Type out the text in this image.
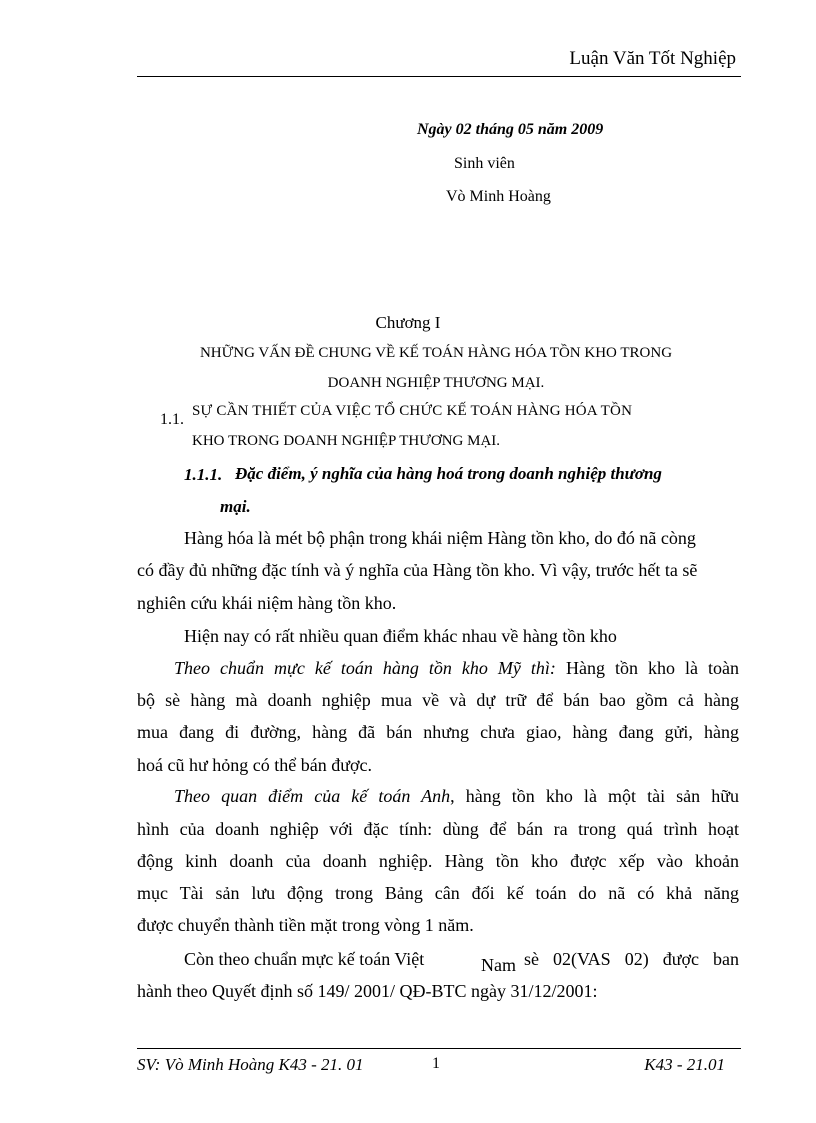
Luận Văn Tốt Nghiệp
Ngày 02 tháng 05 năm 2009
Sinh viên
Vò Minh Hoàng
Chương I
NHỮNG VẤN ĐỀ CHUNG VỀ KẾ TOÁN HÀNG HÓA TỒN KHO TRONG
DOANH NGHIỆP THƯƠNG MẠI.
1.1. SỰ CẦN THIẾT CỦA VIỆC TỔ CHỨC KẾ TOÁN HÀNG HÓA TỒN
KHO TRONG DOANH NGHIỆP THƯƠNG MẠI.
1.1.1. Đặc điểm, ý nghĩa của hàng hoá trong doanh nghiệp thương
mại.
Hàng hóa là mét bộ phận trong khái niệm Hàng tồn kho, do đó nã còng
có đầy đủ những đặc tính và ý nghĩa của Hàng tồn kho. Vì vậy, trước hết ta sẽ
nghiên cứu khái niệm hàng tồn kho.
Hiện nay có rất nhiều quan điểm khác nhau về hàng tồn kho
Theo chuẩn mực kế toán hàng tồn kho Mỹ thì: Hàng tồn kho là toàn
bộ sè hàng mà doanh nghiệp mua về và dự trữ để bán bao gồm cả hàng
mua đang đi đường, hàng đã bán nhưng chưa giao, hàng đang gửi, hàng
hoá cũ hư hỏng có thể bán được.
Theo quan điểm của kế toán Anh, hàng tồn kho là một tài sản hữu
hình của doanh nghiệp với đặc tính: dùng để bán ra trong quá trình hoạt
động kinh doanh của doanh nghiệp. Hàng tồn kho được xếp vào khoản
mục Tài sản lưu động trong Bảng cân đối kế toán do nã có khả năng
được chuyển thành tiền mặt trong vòng 1 năm.
Còn theo chuẩn mực kế toán Việt	Nam sè 02(VAS 02) được ban
hành theo Quyết định số 149/ 2001/ QĐ-BTC ngày 31/12/2001:
SV: Vò Minh Hoàng K43 - 21. 01	1	K43 - 21.01
